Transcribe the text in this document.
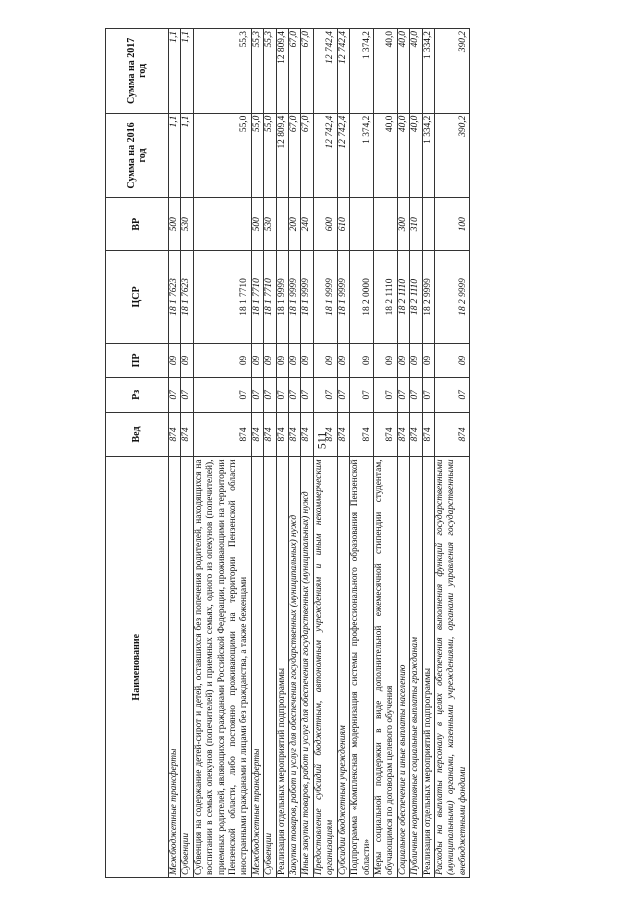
511
Наименование	Вед	Рз	ПР	ЦСР	ВР	Сумма на 2016 год	Сумма на 2017 год
Межбюджетные трансферты	874	07	09	18 1 7623	500	1,1	1,1
Субвенции	874	07	09	18 1 7623	530	1,1	1,1
Субвенция на содержание детей-сирот и детей, оставшихся без попечения родителей, находящихся на воспитании в семьях опекунов (попечителей) и приемных семьях, одного из опекунов (попечителей), приемных родителей, являющихся гражданами Российской Федерации, проживающими на территории Пензенской области, либо постоянно проживающими на территории Пензенской области иностранными гражданами и лицами без гражданства, а также беженцами	874	07	09	18 1 7710		55,0	55,3
Межбюджетные трансферты	874	07	09	18 1 7710	500	55,0	55,3
Субвенции	874	07	09	18 1 7710	530	55,0	55,3
Реализация отдельных мероприятий подпрограммы	874	07	09	18 1 9999		12 809,4	12 809,4
Закупка товаров, работ и услуг для обеспечения государственных (муниципальных) нужд	874	07	09	18 1 9999	200	67,0	67,0
Иные закупки товаров, работ и услуг для обеспечения государственных (муниципальных) нужд	874	07	09	18 1 9999	240	67,0	67,0
Предоставление субсидий бюджетным, автономным учреждениям и иным некоммерческим организациям	874	07	09	18 1 9999	600	12 742,4	12 742,4
Субсидии бюджетным учреждениям	874	07	09	18 1 9999	610	12 742,4	12 742,4
Подпрограмма «Комплексная модернизация системы профессионального образования Пензенской области»	874	07	09	18 2 0000		1 374,2	1 374,2
Меры социальной поддержки в виде дополнительной ежемесячной стипендии студентам, обучающимся по договорам целевого обучения	874	07	09	18 2 1110		40,0	40,0
Социальное обеспечение и иные выплаты населению	874	07	09	18 2 1110	300	40,0	40,0
Публичные нормативные социальные выплаты гражданам	874	07	09	18 2 1110	310	40,0	40,0
Реализация отдельных мероприятий подпрограммы	874	07	09	18 2 9999		1 334,2	1 334,2
Расходы на выплаты персоналу в целях обеспечения выполнения функций государственными (муниципальными) органами, казенными учреждениями, органами управления государственными внебюджетными фондами	874	07	09	18 2 9999	100	390,2	390,2
